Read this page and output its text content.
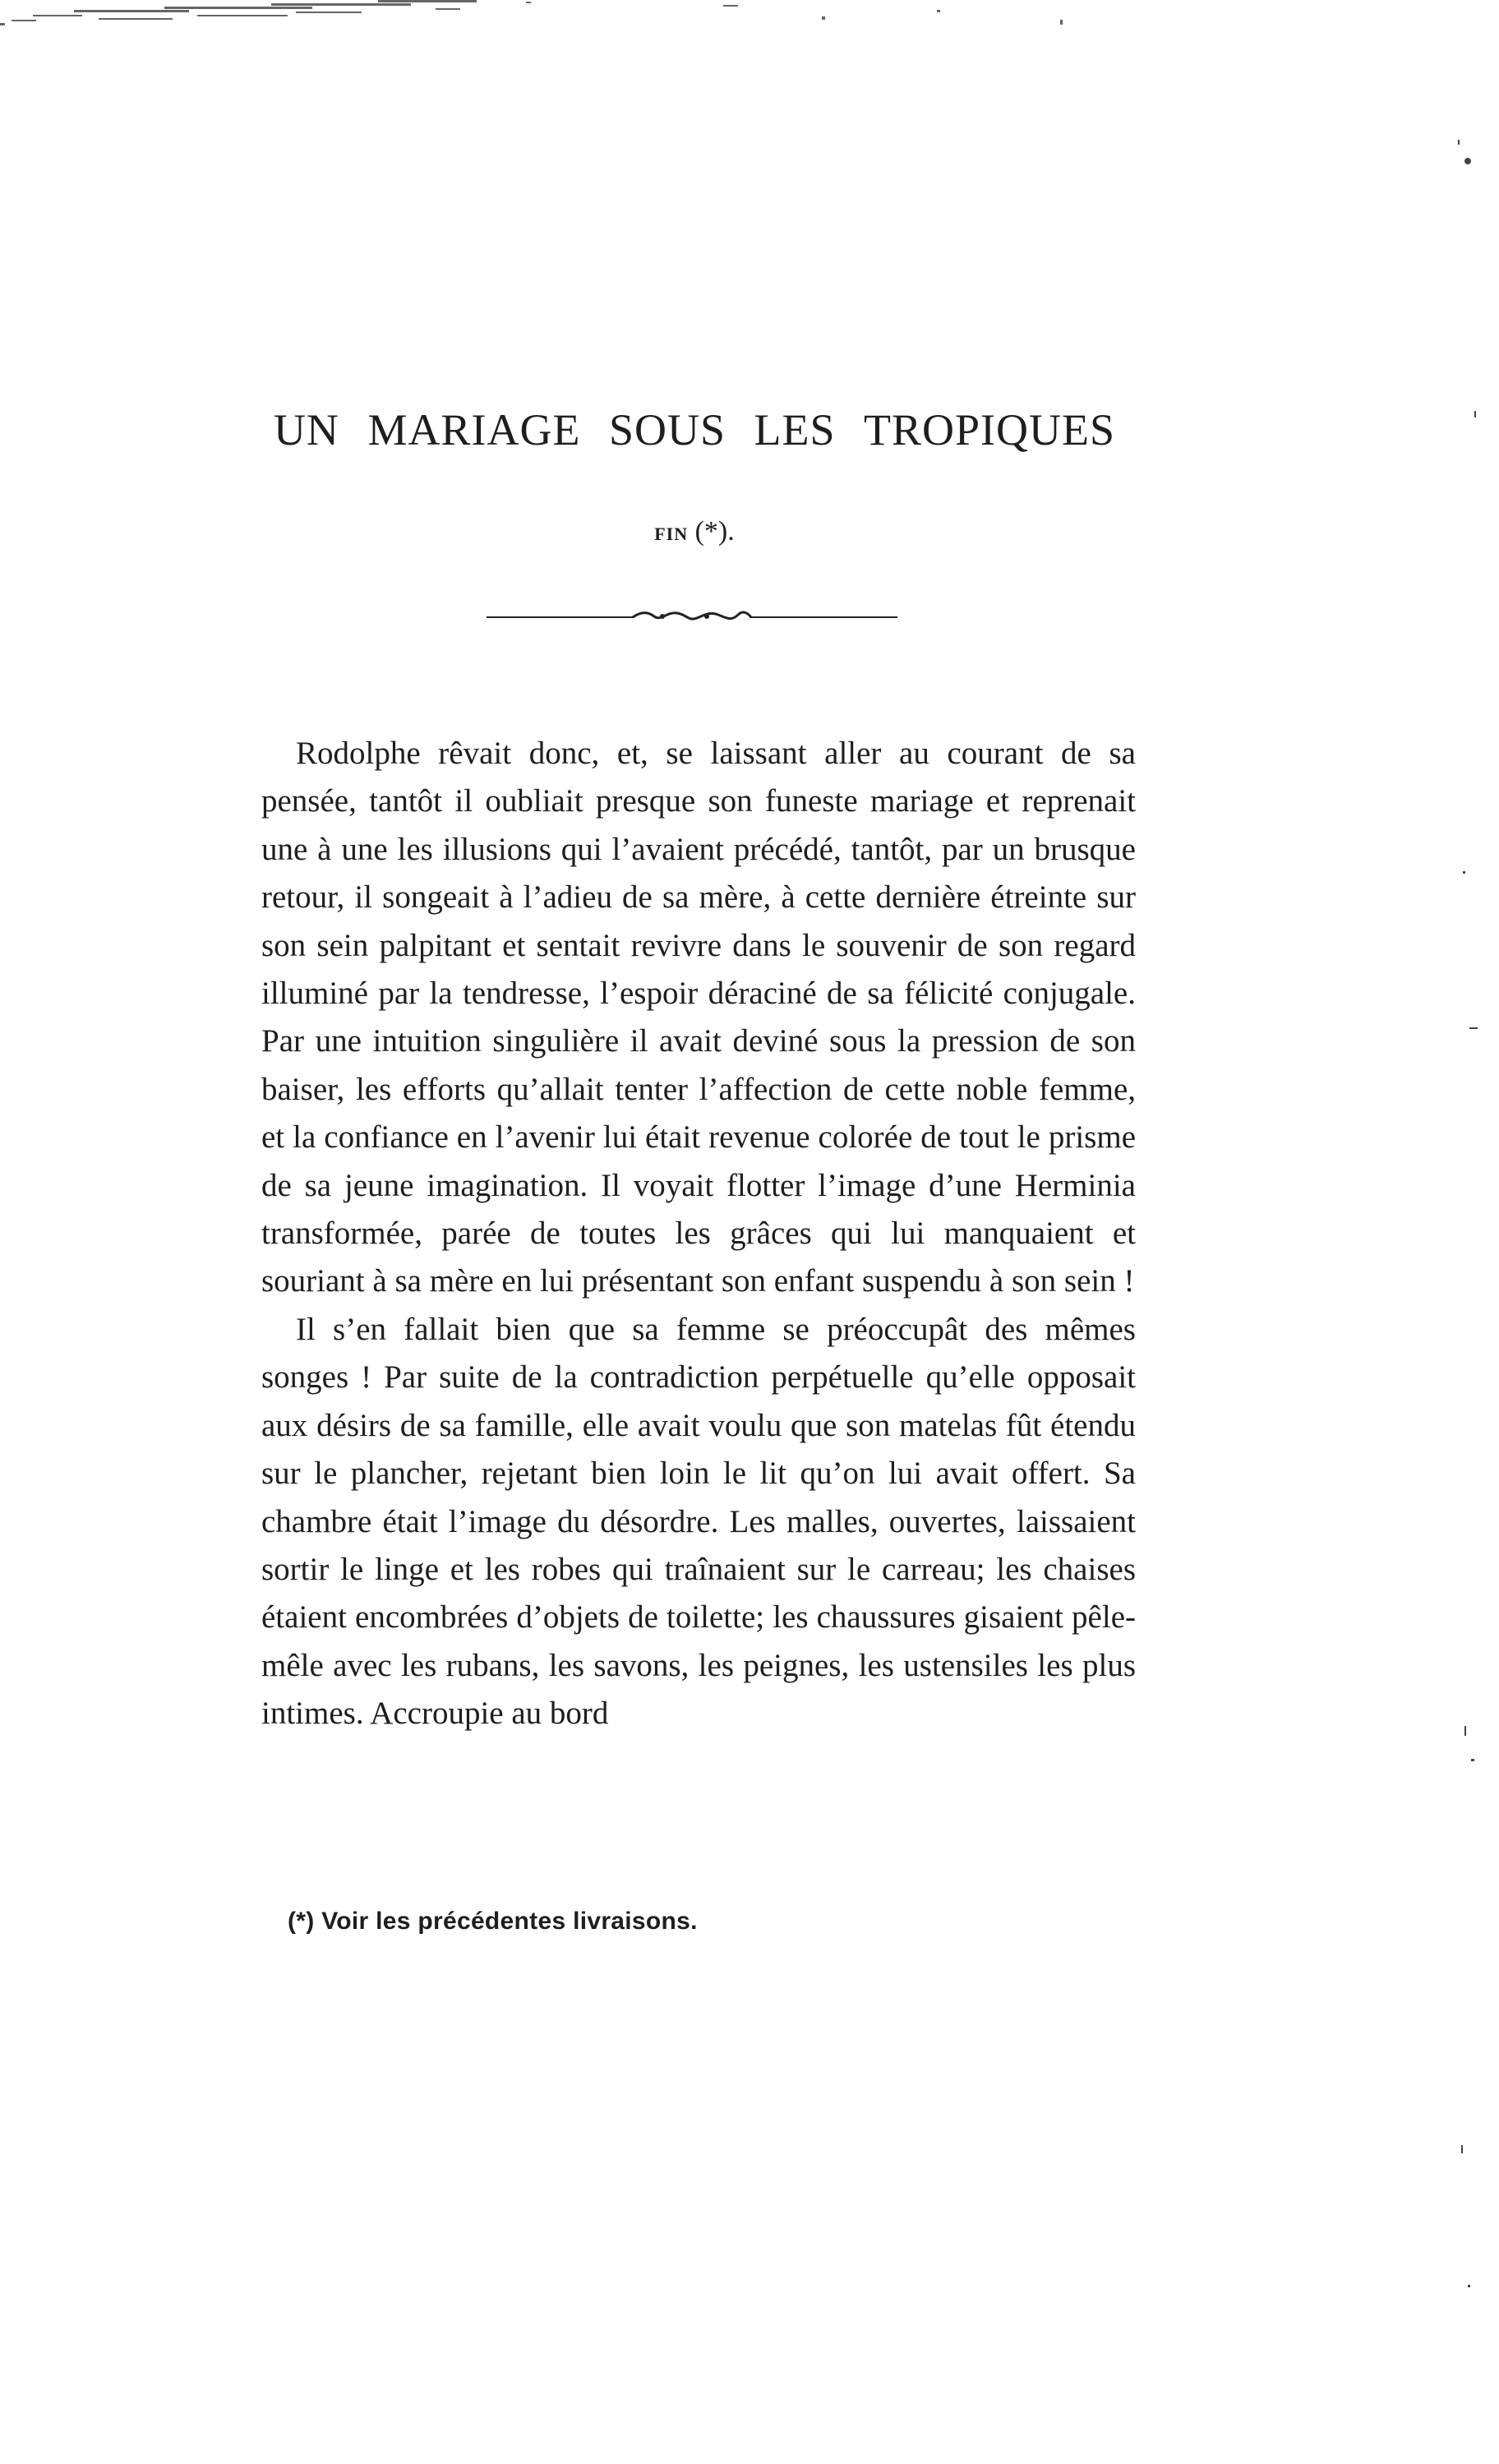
UN MARIAGE SOUS LES TROPIQUES
FIN (*).

Rodolphe rêvait donc, et, se laissant aller au courant de sa pensée, tantôt il oubliait presque son funeste mariage et reprenait une à une les illusions qui l’avaient précédé, tantôt, par un brusque retour, il songeait à l’adieu de sa mère, à cette dernière étreinte sur son sein palpitant et sentait revivre dans le souvenir de son regard illuminé par la tendresse, l’espoir déraciné de sa félicité conjugale. Par une intuition singulière il avait deviné sous la pression de son baiser, les efforts qu’allait tenter l’affection de cette noble femme, et la confiance en l’avenir lui était revenue colorée de tout le prisme de sa jeune imagination. Il voyait flotter l’image d’une Herminia transformée, parée de toutes les grâces qui lui manquaient et souriant à sa mère en lui présentant son enfant suspendu à son sein !

Il s’en fallait bien que sa femme se préoccupât des mêmes songes ! Par suite de la contradiction perpétuelle qu’elle opposait aux désirs de sa famille, elle avait voulu que son matelas fût étendu sur le plancher, rejetant bien loin le lit qu’on lui avait offert. Sa chambre était l’image du désordre. Les malles, ouvertes, laissaient sortir le linge et les robes qui traînaient sur le carreau; les chaises étaient encombrées d’objets de toilette; les chaussures gisaient pêle-mêle avec les rubans, les savons, les peignes, les ustensiles les plus intimes. Accroupie au bord

(*) Voir les précédentes livraisons.
